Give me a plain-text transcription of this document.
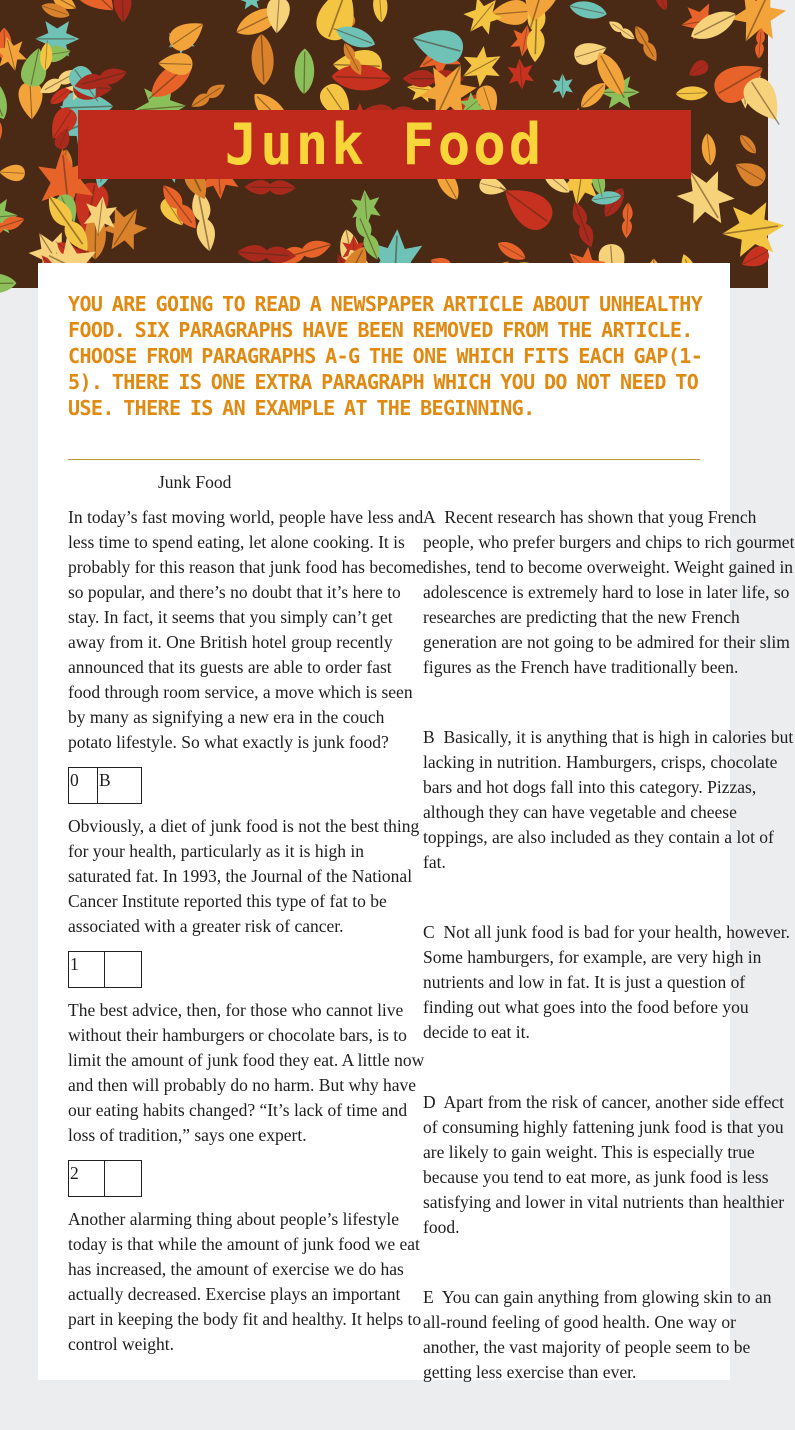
Junk Food

YOU ARE GOING TO READ A NEWSPAPER ARTICLE ABOUT UNHEALTHY FOOD. SIX PARAGRAPHS HAVE BEEN REMOVED FROM THE ARTICLE. CHOOSE FROM PARAGRAPHS A-G THE ONE WHICH FITS EACH GAP(1-5). THERE IS ONE EXTRA PARAGRAPH WHICH YOU DO NOT NEED TO USE. THERE IS AN EXAMPLE AT THE BEGINNING.

Junk Food

In today’s fast moving world, people have less and less time to spend eating, let alone cooking. It is probably for this reason that junk food has become so popular, and there’s no doubt that it’s here to stay. In fact, it seems that you simply can’t get away from it. One British hotel group recently announced that its guests are able to order fast food through room service, a move which is seen by many as signifying a new era in the couch potato lifestyle. So what exactly is junk food?

0	B

Obviously, a diet of junk food is not the best thing for your health, particularly as it is high in saturated fat. In 1993, the Journal of the National Cancer Institute reported this type of fat to be associated with a greater risk of cancer.

1

The best advice, then, for those who cannot live without their hamburgers or chocolate bars, is to limit the amount of junk food they eat. A little now and then will probably do no harm. But why have our eating habits changed? “It’s lack of time and loss of tradition,” says one expert.

2

Another alarming thing about people’s lifestyle today is that while the amount of junk food we eat has increased, the amount of exercise we do has actually decreased. Exercise plays an important part in keeping the body fit and healthy. It helps to control weight.

A Recent research has shown that youg French people, who prefer burgers and chips to rich gourmet dishes, tend to become overweight. Weight gained in adolescence is extremely hard to lose in later life, so researches are predicting that the new French generation are not going to be admired for their slim figures as the French have traditionally been.

B Basically, it is anything that is high in calories but lacking in nutrition. Hamburgers, crisps, chocolate bars and hot dogs fall into this category. Pizzas, although they can have vegetable and cheese toppings, are also included as they contain a lot of fat.

C Not all junk food is bad for your health, however. Some hamburgers, for example, are very high in nutrients and low in fat. It is just a question of finding out what goes into the food before you decide to eat it.

D Apart from the risk of cancer, another side effect of consuming highly fattening junk food is that you are likely to gain weight. This is especially true because you tend to eat more, as junk food is less satisfying and lower in vital nutrients than healthier food.

E You can gain anything from glowing skin to an all-round feeling of good health. One way or another, the vast majority of people seem to be getting less exercise than ever.
